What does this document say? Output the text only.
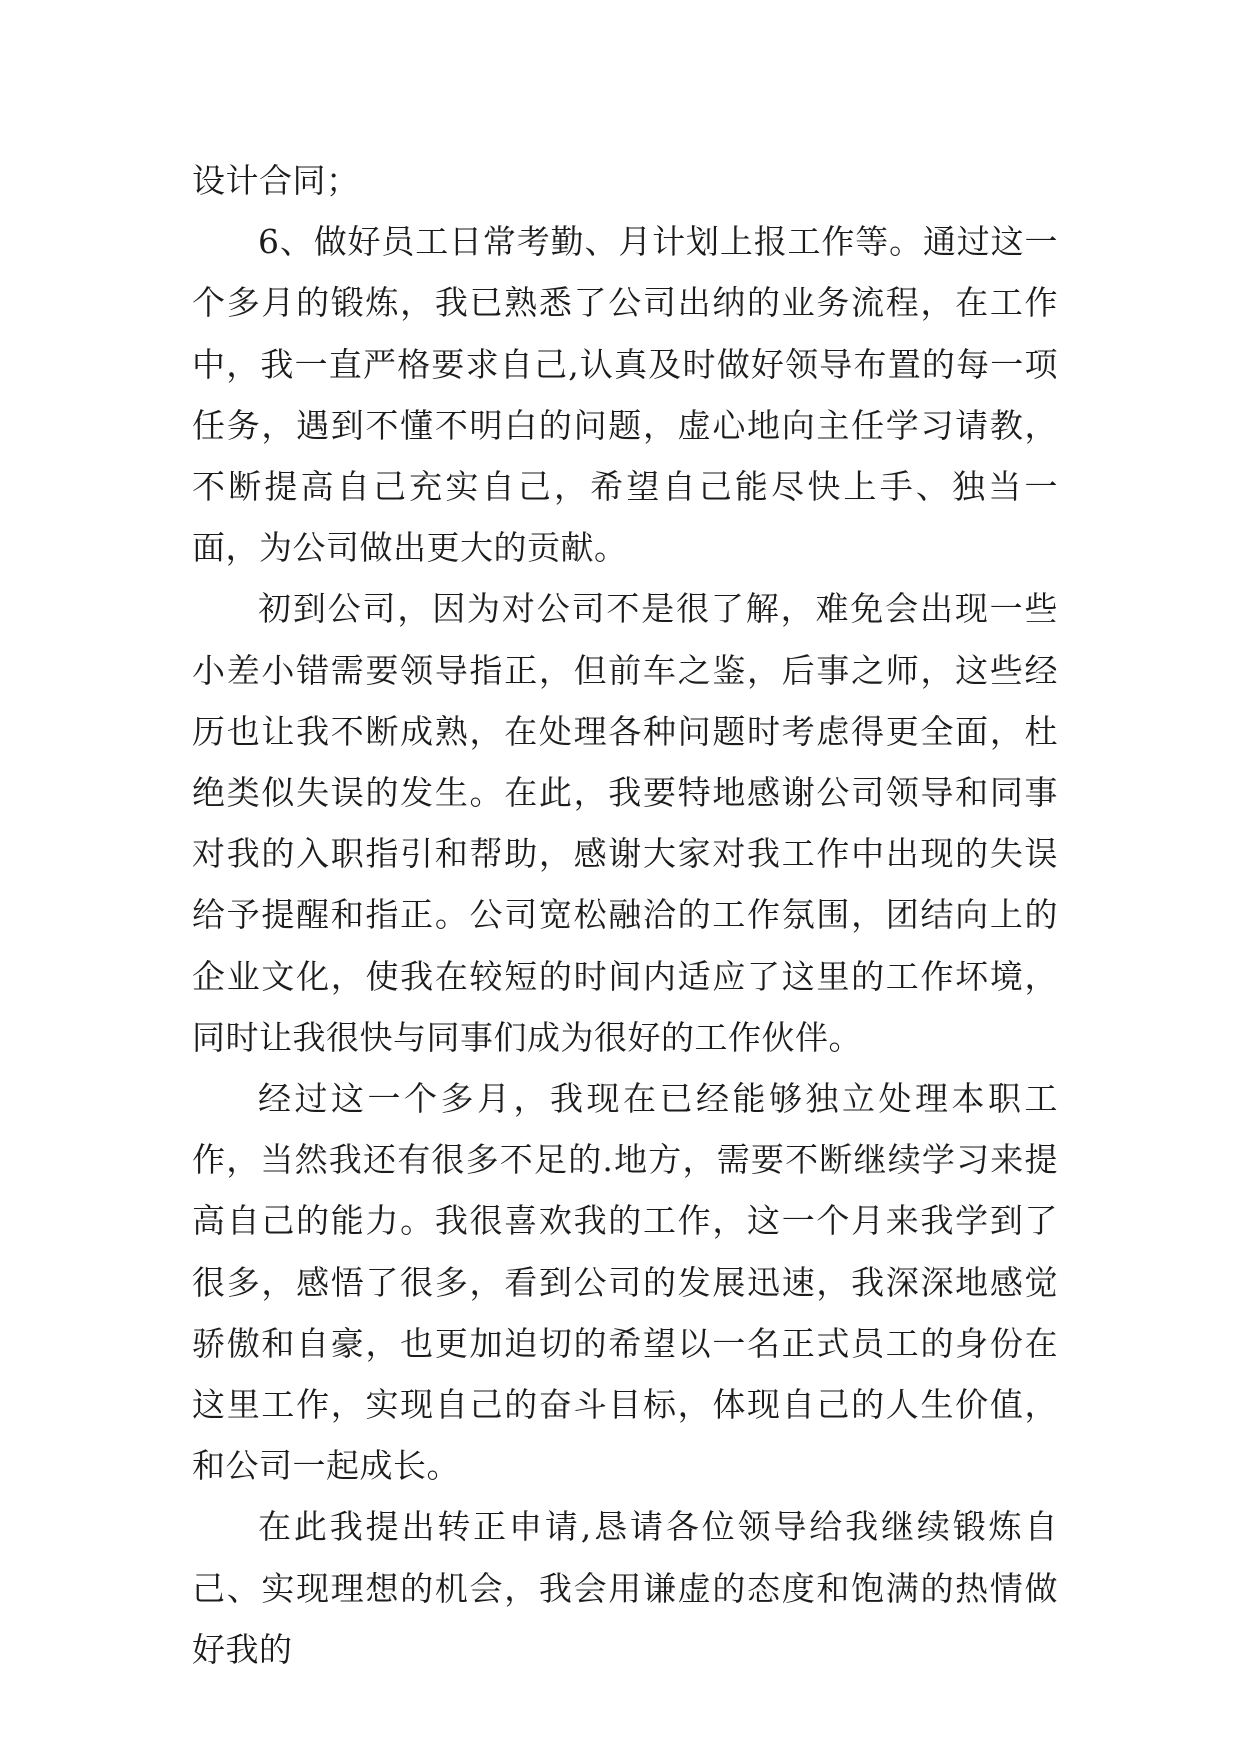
设计合同；

6、做好员工日常考勤、月计划上报工作等。通过这一个多月的锻炼，我已熟悉了公司出纳的业务流程，在工作中，我一直严格要求自己,认真及时做好领导布置的每一项任务，遇到不懂不明白的问题，虚心地向主任学习请教，不断提高自己充实自己，希望自己能尽快上手、独当一面，为公司做出更大的贡献。

初到公司，因为对公司不是很了解，难免会出现一些小差小错需要领导指正，但前车之鉴，后事之师，这些经历也让我不断成熟，在处理各种问题时考虑得更全面，杜绝类似失误的发生。在此，我要特地感谢公司领导和同事对我的入职指引和帮助，感谢大家对我工作中出现的失误给予提醒和指正。公司宽松融洽的工作氛围，团结向上的企业文化，使我在较短的时间内适应了这里的工作坏境，同时让我很快与同事们成为很好的工作伙伴。

经过这一个多月，我现在已经能够独立处理本职工作，当然我还有很多不足的.地方，需要不断继续学习来提高自己的能力。我很喜欢我的工作，这一个月来我学到了很多，感悟了很多，看到公司的发展迅速，我深深地感觉骄傲和自豪，也更加迫切的希望以一名正式员工的身份在这里工作，实现自己的奋斗目标，体现自己的人生价值，和公司一起成长。

在此我提出转正申请,恳请各位领导给我继续锻炼自己、实现理想的机会，我会用谦虚的态度和饱满的热情做好我的
